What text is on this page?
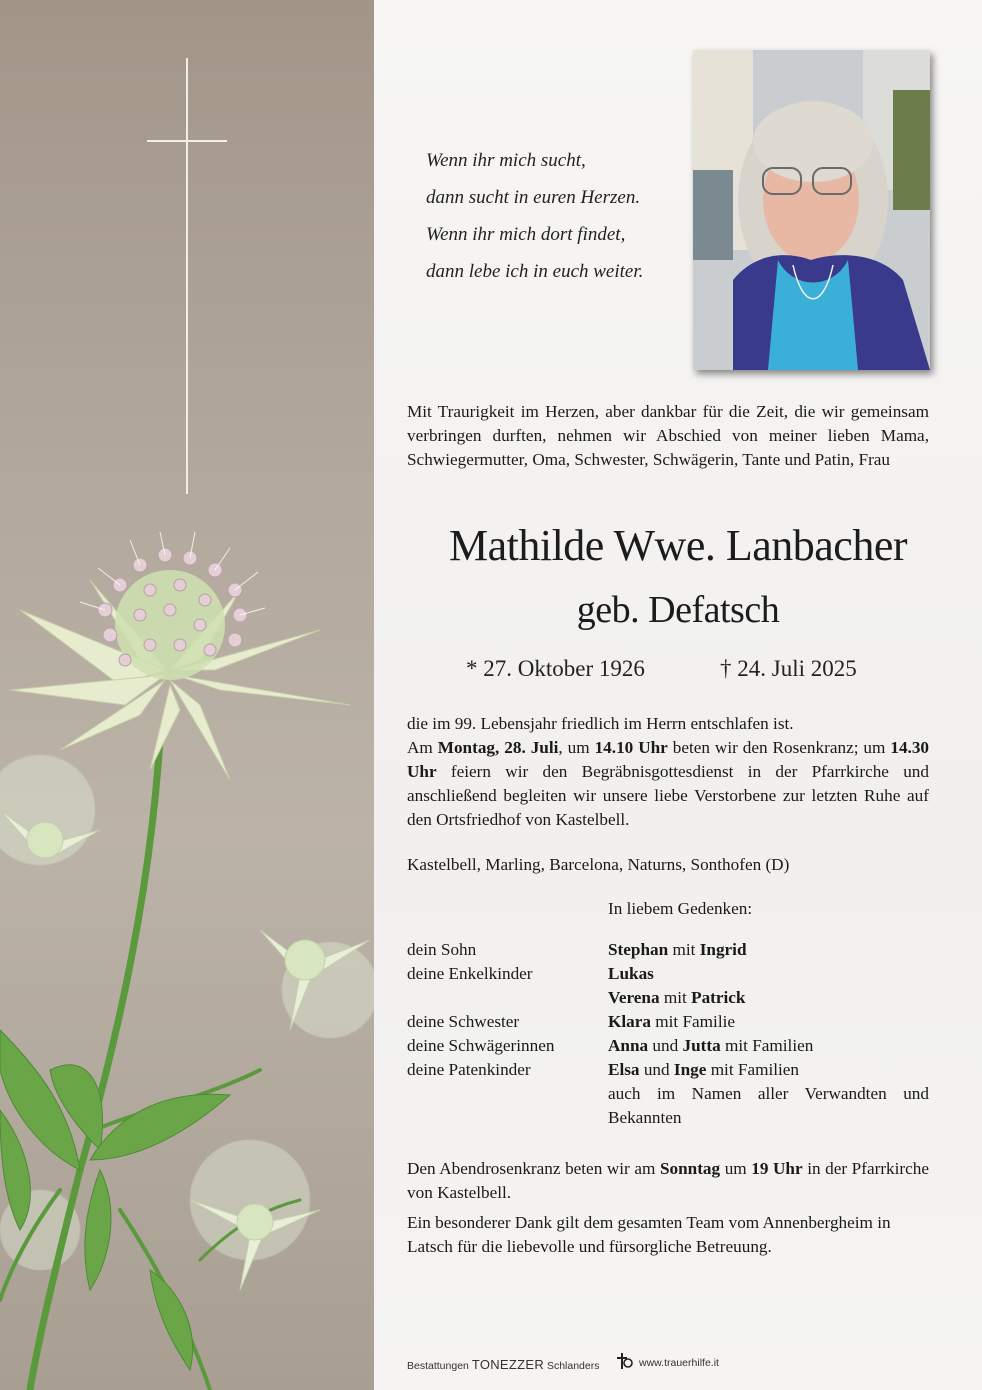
Wenn ihr mich sucht,
dann sucht in euren Herzen.
Wenn ihr mich dort findet,
dann lebe ich in euch weiter.
Mit Traurigkeit im Herzen, aber dankbar für die Zeit, die wir gemeinsam verbringen durften, nehmen wir Abschied von meiner lieben Mama, Schwiegermutter, Oma, Schwester, Schwägerin, Tante und Patin, Frau
Mathilde Wwe. Lanbacher
geb. Defatsch
* 27. Oktober 1926	† 24. Juli 2025
die im 99. Lebensjahr friedlich im Herrn entschlafen ist.
Am Montag, 28. Juli, um 14.10 Uhr beten wir den Rosenkranz; um 14.30 Uhr feiern wir den Begräbnisgottesdienst in der Pfarrkirche und anschließend begleiten wir unsere liebe Verstorbene zur letzten Ruhe auf den Ortsfriedhof von Kastelbell.
Kastelbell, Marling, Barcelona, Naturns, Sonthofen (D)
In liebem Gedenken:
dein Sohn	Stephan mit Ingrid
deine Enkelkinder	Lukas
Verena mit Patrick
deine Schwester	Klara mit Familie
deine Schwägerinnen	Anna und Jutta mit Familien
deine Patenkinder	Elsa und Inge mit Familien
auch im Namen aller Verwandten und Bekannten
Den Abendrosenkranz beten wir am Sonntag um 19 Uhr in der Pfarrkirche von Kastelbell.
Ein besonderer Dank gilt dem gesamten Team vom Annenbergheim in Latsch für die liebevolle und fürsorgliche Betreuung.
Bestattungen TONEZZER Schlanders	www.trauerhilfe.it
